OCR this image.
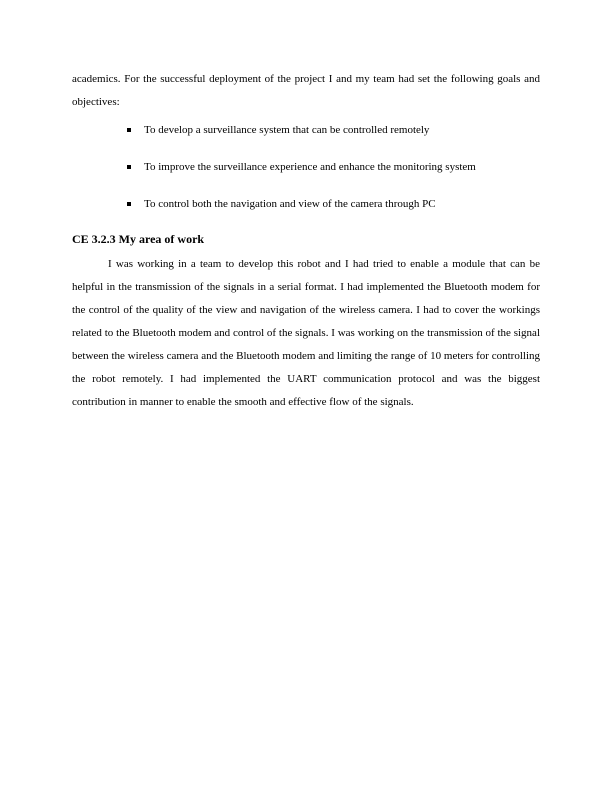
academics. For the successful deployment of the project I and my team had set the following goals and objectives:

To develop a surveillance system that can be controlled remotely
To improve the surveillance experience and enhance the monitoring system
To control both the navigation and view of the camera through PC
CE 3.2.3 My area of work

I was working in a team to develop this robot and I had tried to enable a module that can be helpful in the transmission of the signals in a serial format. I had implemented the Bluetooth modem for the control of the quality of the view and navigation of the wireless camera. I had to cover the workings related to the Bluetooth modem and control of the signals. I was working on the transmission of the signal between the wireless camera and the Bluetooth modem and limiting the range of 10 meters for controlling the robot remotely. I had implemented the UART communication protocol and was the biggest contribution in manner to enable the smooth and effective flow of the signals.
